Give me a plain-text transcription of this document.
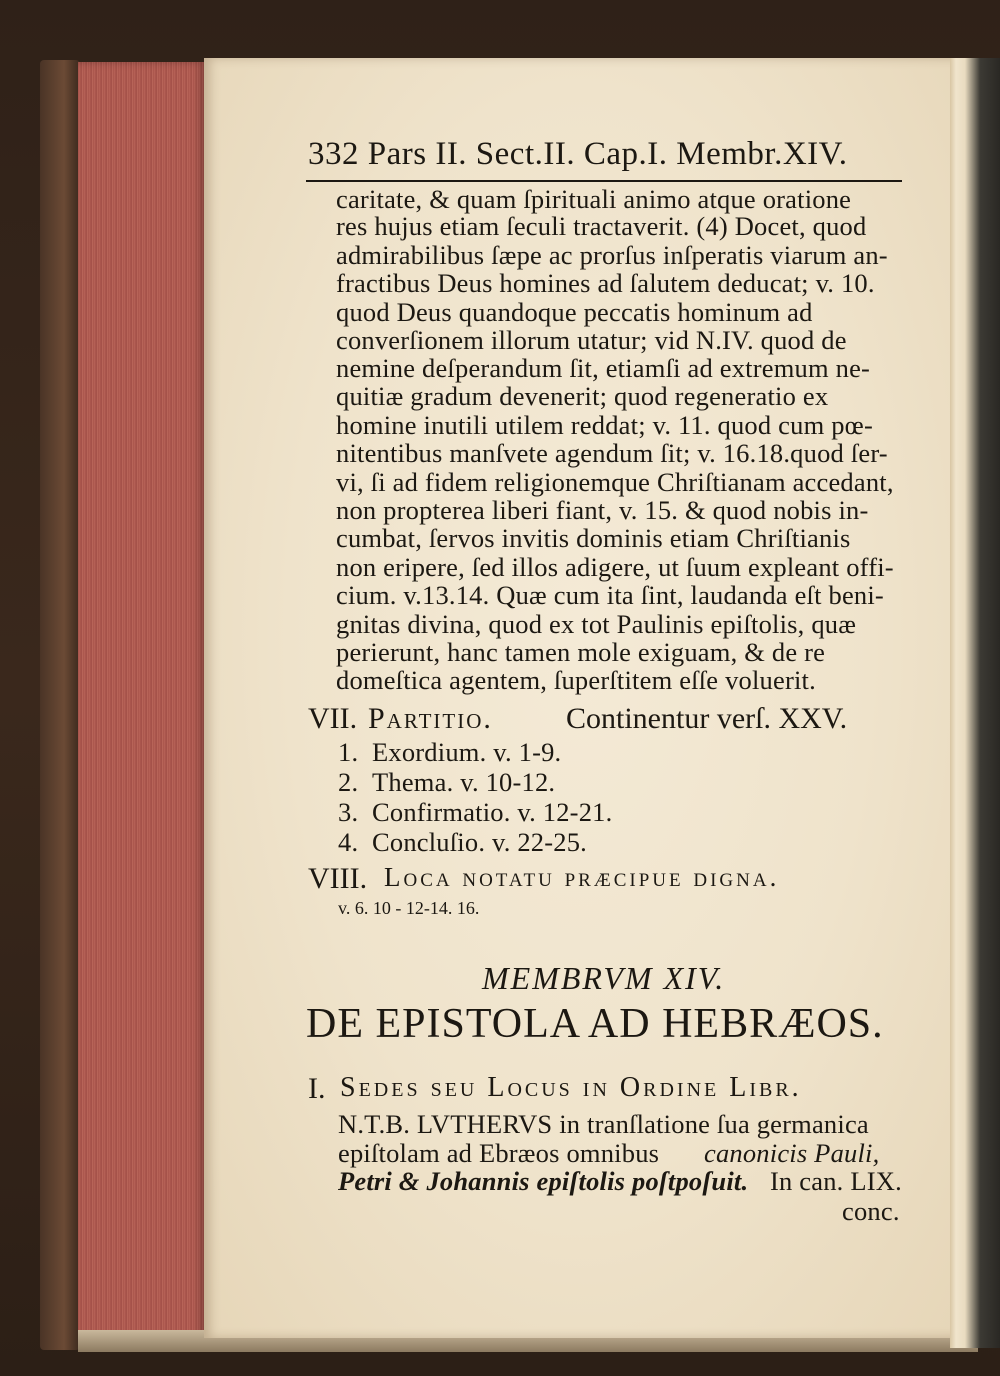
332 Pars II. Sect.II. Cap.I. Membr.XIV.
caritate, & quam ſpirituali animo atque oratione
res hujus etiam ſeculi tractaverit. (4) Docet, quod
admirabilibus ſæpe ac prorſus inſperatis viarum an-
fractibus Deus homines ad ſalutem deducat; v. 10.
quod Deus quandoque peccatis hominum ad
converſionem illorum utatur; vid N.IV. quod de
nemine deſperandum ſit, etiamſi ad extremum ne-
quitiæ gradum devenerit; quod regeneratio ex
homine inutili utilem reddat; v. 11. quod cum pœ-
nitentibus manſvete agendum ſit; v. 16.18.quod ſer-
vi, ſi ad fidem religionemque Chriſtianam accedant,
non propterea liberi fiant, v. 15. & quod nobis in-
cumbat, ſervos invitis dominis etiam Chriſtianis
non eripere, ſed illos adigere, ut ſuum expleant offi-
cium. v.13.14. Quæ cum ita ſint, laudanda eſt beni-
gnitas divina, quod ex tot Paulinis epiſtolis, quæ
perierunt, hanc tamen mole exiguam, & de re
domeſtica agentem, ſuperſtitem eſſe voluerit.
VII. Partitio. Continentur verſ. XXV.
1. Exordium. v. 1-9.
2. Thema. v. 10-12.
3. Confirmatio. v. 12-21.
4. Concluſio. v. 22-25.
VIII. Loca notatu præcipue digna.
v. 6. 10 - 12-14. 16.
MEMBRVM XIV.
DE EPISTOLA AD HEBRÆOS.
I. Sedes seu Locus in Ordine Libr.
N.T.B. LVTHERVS in tranſlatione ſua germanica
epiſtolam ad Ebræos omnibus canonicis Pauli,
Petri & Johannis epiſtolis poſtpoſuit. In can. LIX.
conc.
